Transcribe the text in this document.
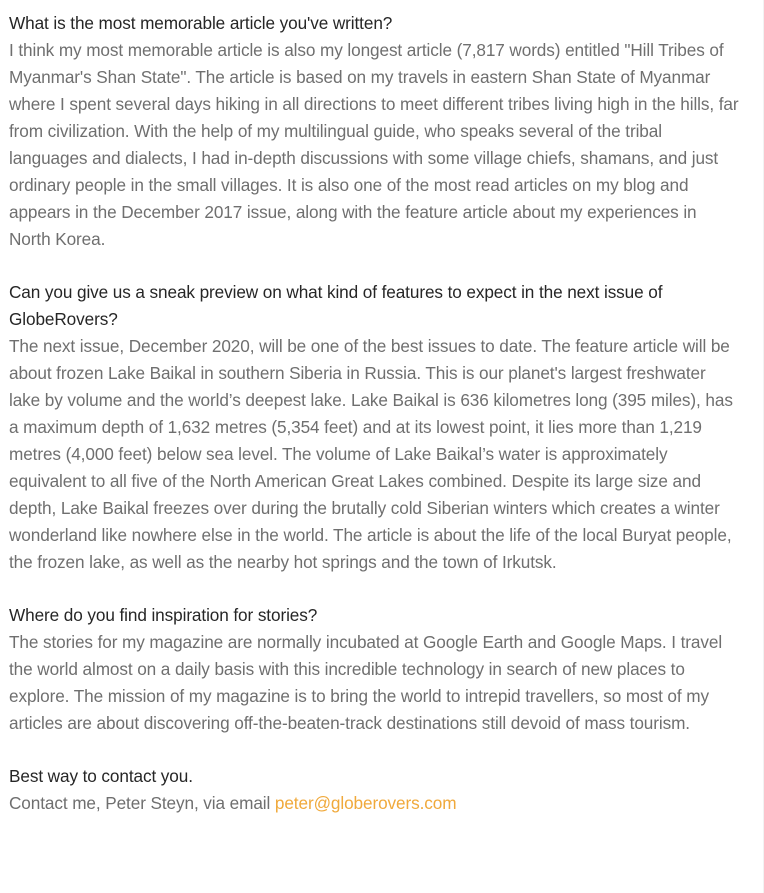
What is the most memorable article you've written?

I think my most memorable article is also my longest article (7,817 words) entitled "Hill Tribes of Myanmar's Shan State". The article is based on my travels in eastern Shan State of Myanmar where I spent several days hiking in all directions to meet different tribes living high in the hills, far from civilization. With the help of my multilingual guide, who speaks several of the tribal languages and dialects, I had in-depth discussions with some village chiefs, shamans, and just ordinary people in the small villages. It is also one of the most read articles on my blog and appears in the December 2017 issue, along with the feature article about my experiences in North Korea.

Can you give us a sneak preview on what kind of features to expect in the next issue of GlobeRovers?

The next issue, December 2020, will be one of the best issues to date. The feature article will be about frozen Lake Baikal in southern Siberia in Russia. This is our planet's largest freshwater lake by volume and the world’s deepest lake. Lake Baikal is 636 kilometres long (395 miles), has a maximum depth of 1,632 metres (5,354 feet) and at its lowest point, it lies more than 1,219 metres (4,000 feet) below sea level. The volume of Lake Baikal’s water is approximately equivalent to all five of the North American Great Lakes combined. Despite its large size and depth, Lake Baikal freezes over during the brutally cold Siberian winters which creates a winter wonderland like nowhere else in the world. The article is about the life of the local Buryat people, the frozen lake, as well as the nearby hot springs and the town of Irkutsk.

Where do you find inspiration for stories?

The stories for my magazine are normally incubated at Google Earth and Google Maps. I travel the world almost on a daily basis with this incredible technology in search of new places to explore. The mission of my magazine is to bring the world to intrepid travellers, so most of my articles are about discovering off-the-beaten-track destinations still devoid of mass tourism.

Best way to contact you.

Contact me, Peter Steyn, via email peter@globerovers.com
